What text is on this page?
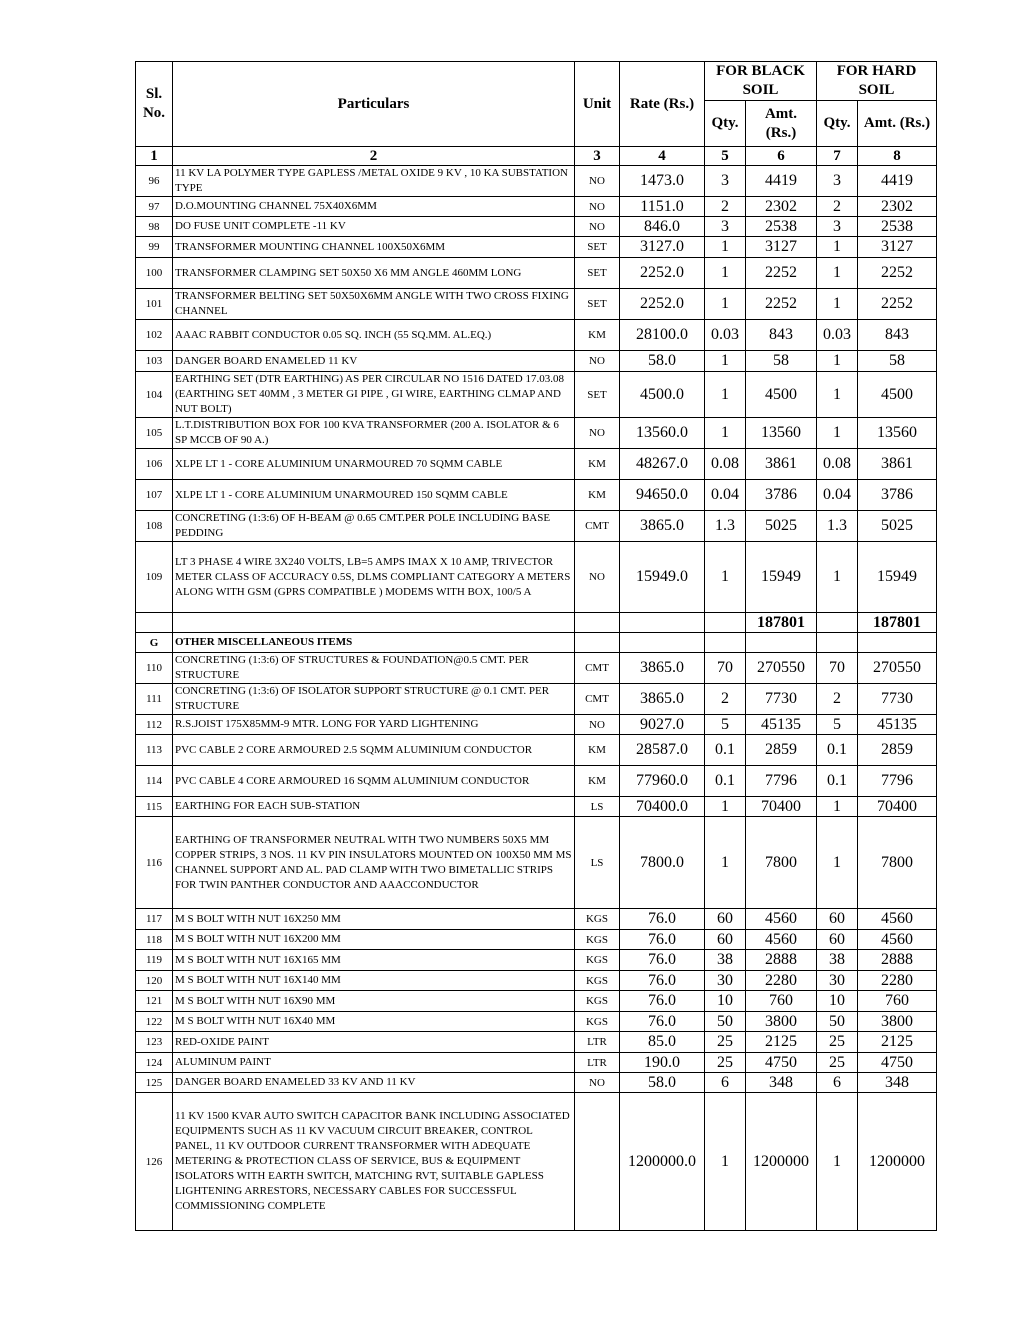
Sl. No.	Particulars	Unit	Rate (Rs.)	FOR BLACK SOIL		FOR HARD SOIL	
				Qty.	Amt. (Rs.)	Qty.	Amt. (Rs.)
1	2	3	4	5	6	7	8
96	11 KV LA POLYMER TYPE GAPLESS /METAL OXIDE 9 KV , 10 KA SUBSTATION TYPE	NO	1473.0	3	4419	3	4419
97	D.O.MOUNTING CHANNEL 75X40X6MM	NO	1151.0	2	2302	2	2302
98	DO FUSE UNIT COMPLETE -11 KV	NO	846.0	3	2538	3	2538
99	TRANSFORMER MOUNTING CHANNEL 100X50X6MM	SET	3127.0	1	3127	1	3127
100	TRANSFORMER CLAMPING SET 50X50 X6 MM ANGLE 460MM LONG	SET	2252.0	1	2252	1	2252
101	TRANSFORMER BELTING SET 50X50X6MM ANGLE WITH TWO CROSS FIXING CHANNEL	SET	2252.0	1	2252	1	2252
102	AAAC RABBIT CONDUCTOR 0.05 SQ. INCH (55 SQ.MM. AL.EQ.)	KM	28100.0	0.03	843	0.03	843
103	DANGER BOARD ENAMELED 11 KV	NO	58.0	1	58	1	58
104	EARTHING SET (DTR EARTHING) AS PER CIRCULAR NO 1516 DATED 17.03.08 (EARTHING SET 40MM , 3 METER GI PIPE , GI WIRE, EARTHING CLMAP AND NUT BOLT)	SET	4500.0	1	4500	1	4500
105	L.T.DISTRIBUTION BOX FOR 100 KVA TRANSFORMER (200 A. ISOLATOR & 6 SP MCCB OF 90 A.)	NO	13560.0	1	13560	1	13560
106	XLPE LT 1 - CORE ALUMINIUM UNARMOURED 70 SQMM CABLE	KM	48267.0	0.08	3861	0.08	3861
107	XLPE LT 1 - CORE ALUMINIUM UNARMOURED 150 SQMM CABLE	KM	94650.0	0.04	3786	0.04	3786
108	CONCRETING (1:3:6) OF H-BEAM @ 0.65 CMT.PER POLE INCLUDING BASE PEDDING	CMT	3865.0	1.3	5025	1.3	5025
109	LT 3 PHASE 4 WIRE 3X240 VOLTS, LB=5 AMPS IMAX X 10 AMP, TRIVECTOR METER CLASS OF ACCURACY 0.5S, DLMS COMPLIANT CATEGORY A METERS ALONG WITH GSM (GPRS COMPATIBLE ) MODEMS WITH BOX, 100/5 A	NO	15949.0	1	15949	1	15949
					187801		187801
G	OTHER MISCELLANEOUS ITEMS						
110	CONCRETING (1:3:6) OF STRUCTURES & FOUNDATION@0.5 CMT. PER STRUCTURE	CMT	3865.0	70	270550	70	270550
111	CONCRETING (1:3:6) OF ISOLATOR SUPPORT STRUCTURE @ 0.1 CMT. PER STRUCTURE	CMT	3865.0	2	7730	2	7730
112	R.S.JOIST 175X85MM-9 MTR. LONG FOR YARD LIGHTENING	NO	9027.0	5	45135	5	45135
113	PVC CABLE 2 CORE ARMOURED 2.5 SQMM ALUMINIUM CONDUCTOR	KM	28587.0	0.1	2859	0.1	2859
114	PVC CABLE 4 CORE ARMOURED 16 SQMM ALUMINIUM CONDUCTOR	KM	77960.0	0.1	7796	0.1	7796
115	EARTHING FOR EACH SUB-STATION	LS	70400.0	1	70400	1	70400
116	EARTHING OF TRANSFORMER NEUTRAL WITH TWO NUMBERS 50X5 MM COPPER STRIPS, 3 NOS. 11 KV PIN INSULATORS MOUNTED ON 100X50 MM MS CHANNEL SUPPORT AND AL. PAD CLAMP WITH TWO BIMETALLIC STRIPS FOR TWIN PANTHER CONDUCTOR AND AAACCONDUCTOR	LS	7800.0	1	7800	1	7800
117	M S BOLT WITH NUT 16X250 MM	KGS	76.0	60	4560	60	4560
118	M S BOLT WITH NUT 16X200 MM	KGS	76.0	60	4560	60	4560
119	M S BOLT WITH NUT 16X165 MM	KGS	76.0	38	2888	38	2888
120	M S BOLT WITH NUT 16X140 MM	KGS	76.0	30	2280	30	2280
121	M S BOLT WITH NUT 16X90 MM	KGS	76.0	10	760	10	760
122	M S BOLT WITH NUT 16X40 MM	KGS	76.0	50	3800	50	3800
123	RED-OXIDE PAINT	LTR	85.0	25	2125	25	2125
124	ALUMINUM PAINT	LTR	190.0	25	4750	25	4750
125	DANGER BOARD ENAMELED 33 KV AND 11 KV	NO	58.0	6	348	6	348
126	11 KV 1500 KVAR AUTO SWITCH CAPACITOR BANK INCLUDING ASSOCIATED EQUIPMENTS SUCH AS 11 KV VACUUM CIRCUIT BREAKER, CONTROL PANEL, 11 KV OUTDOOR CURRENT TRANSFORMER WITH ADEQUATE METERING & PROTECTION CLASS OF SERVICE, BUS & EQUIPMENT ISOLATORS WITH EARTH SWITCH, MATCHING RVT, SUITABLE GAPLESS LIGHTENING ARRESTORS, NECESSARY CABLES FOR SUCCESSFUL COMMISSIONING COMPLETE		1200000.0	1	1200000	1	1200000
